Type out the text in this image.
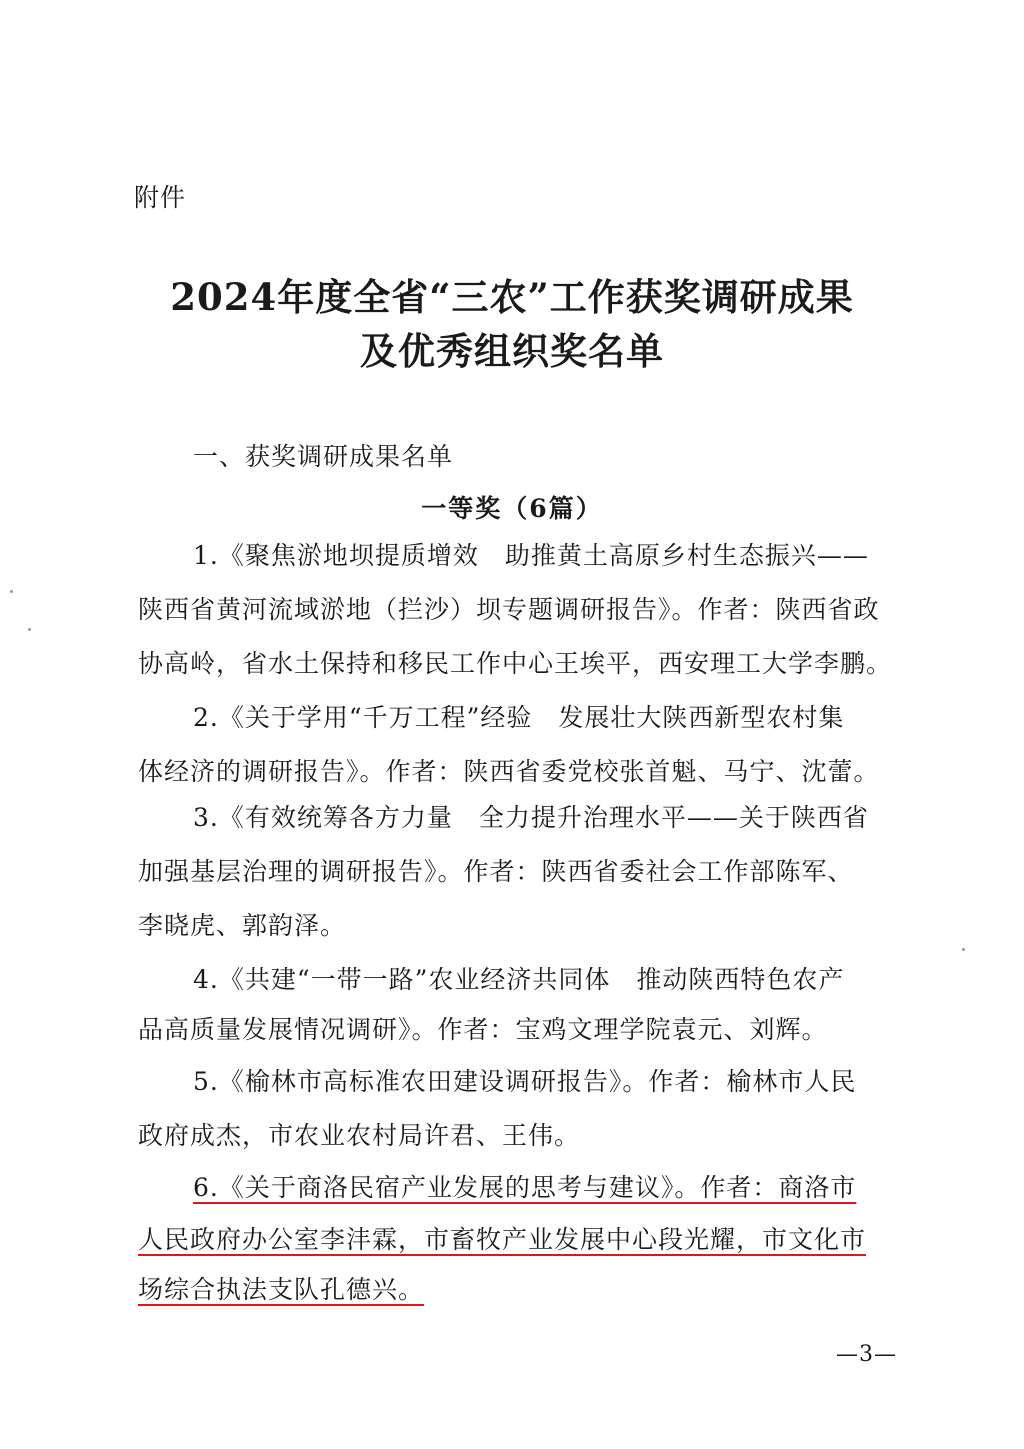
附件
2024年度全省“三农”工作获奖调研成果
及优秀组织奖名单
一、获奖调研成果名单
一等奖（6篇）
1.《聚焦淤地坝提质增效　助推黄土高原乡村生态振兴——
陕西省黄河流域淤地（拦沙）坝专题调研报告》。作者：陕西省政
协高岭，省水土保持和移民工作中心王埃平，西安理工大学李鹏。
2.《关于学用“千万工程”经验　发展壮大陕西新型农村集
体经济的调研报告》。作者：陕西省委党校张首魁、马宁、沈蕾。
3.《有效统筹各方力量　全力提升治理水平——关于陕西省
加强基层治理的调研报告》。作者：陕西省委社会工作部陈军、
李晓虎、郭韵泽。
4.《共建“一带一路”农业经济共同体　推动陕西特色农产
品高质量发展情况调研》。作者：宝鸡文理学院袁元、刘辉。
5.《榆林市高标准农田建设调研报告》。作者：榆林市人民
政府成杰，市农业农村局许君、王伟。
6.《关于商洛民宿产业发展的思考与建议》。作者：商洛市
人民政府办公室李沣霖，市畜牧产业发展中心段光耀，市文化市
场综合执法支队孔德兴。
—3—
